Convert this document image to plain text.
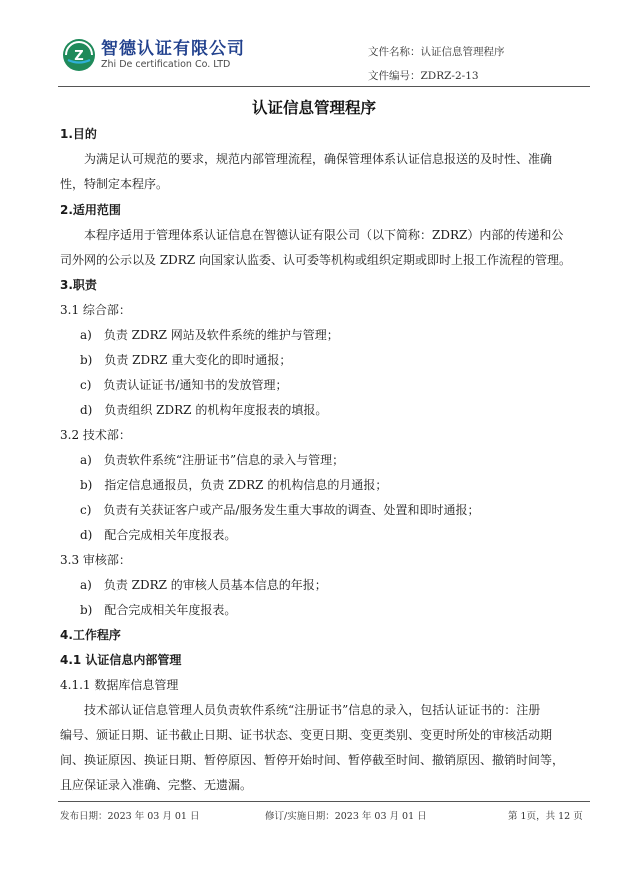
Z 智德认证有限公司
Zhi De certification Co. LTD
文件名称：认证信息管理程序
文件编号：ZDRZ-2-13
认证信息管理程序
1.目的
为满足认可规范的要求，规范内部管理流程，确保管理体系认证信息报送的及时性、准确
性，特制定本程序。
2.适用范围
本程序适用于管理体系认证信息在智德认证有限公司（以下简称：ZDRZ）内部的传递和公
司外网的公示以及 ZDRZ 向国家认监委、认可委等机构或组织定期或即时上报工作流程的管理。
3.职责
3.1 综合部：
a)　负责 ZDRZ 网站及软件系统的维护与管理；
b)　负责 ZDRZ 重大变化的即时通报；
c)　负责认证证书/通知书的发放管理；
d)　负责组织 ZDRZ 的机构年度报表的填报。
3.2 技术部：
a)　负责软件系统“注册证书”信息的录入与管理；
b)　指定信息通报员，负责 ZDRZ 的机构信息的月通报；
c)　负责有关获证客户或产品/服务发生重大事故的调查、处置和即时通报；
d)　配合完成相关年度报表。
3.3 审核部：
a)　负责 ZDRZ 的审核人员基本信息的年报；
b)　配合完成相关年度报表。
4.工作程序
4.1 认证信息内部管理
4.1.1 数据库信息管理
技术部认证信息管理人员负责软件系统“注册证书”信息的录入，包括认证证书的：注册
编号、颁证日期、证书截止日期、证书状态、变更日期、变更类别、变更时所处的审核活动期
间、换证原因、换证日期、暂停原因、暂停开始时间、暂停截至时间、撤销原因、撤销时间等，
且应保证录入准确、完整、无遗漏。
发布日期：2023 年 03 月 01 日	修订/实施日期：2023 年 03 月 01 日	第 1页，共 12 页
